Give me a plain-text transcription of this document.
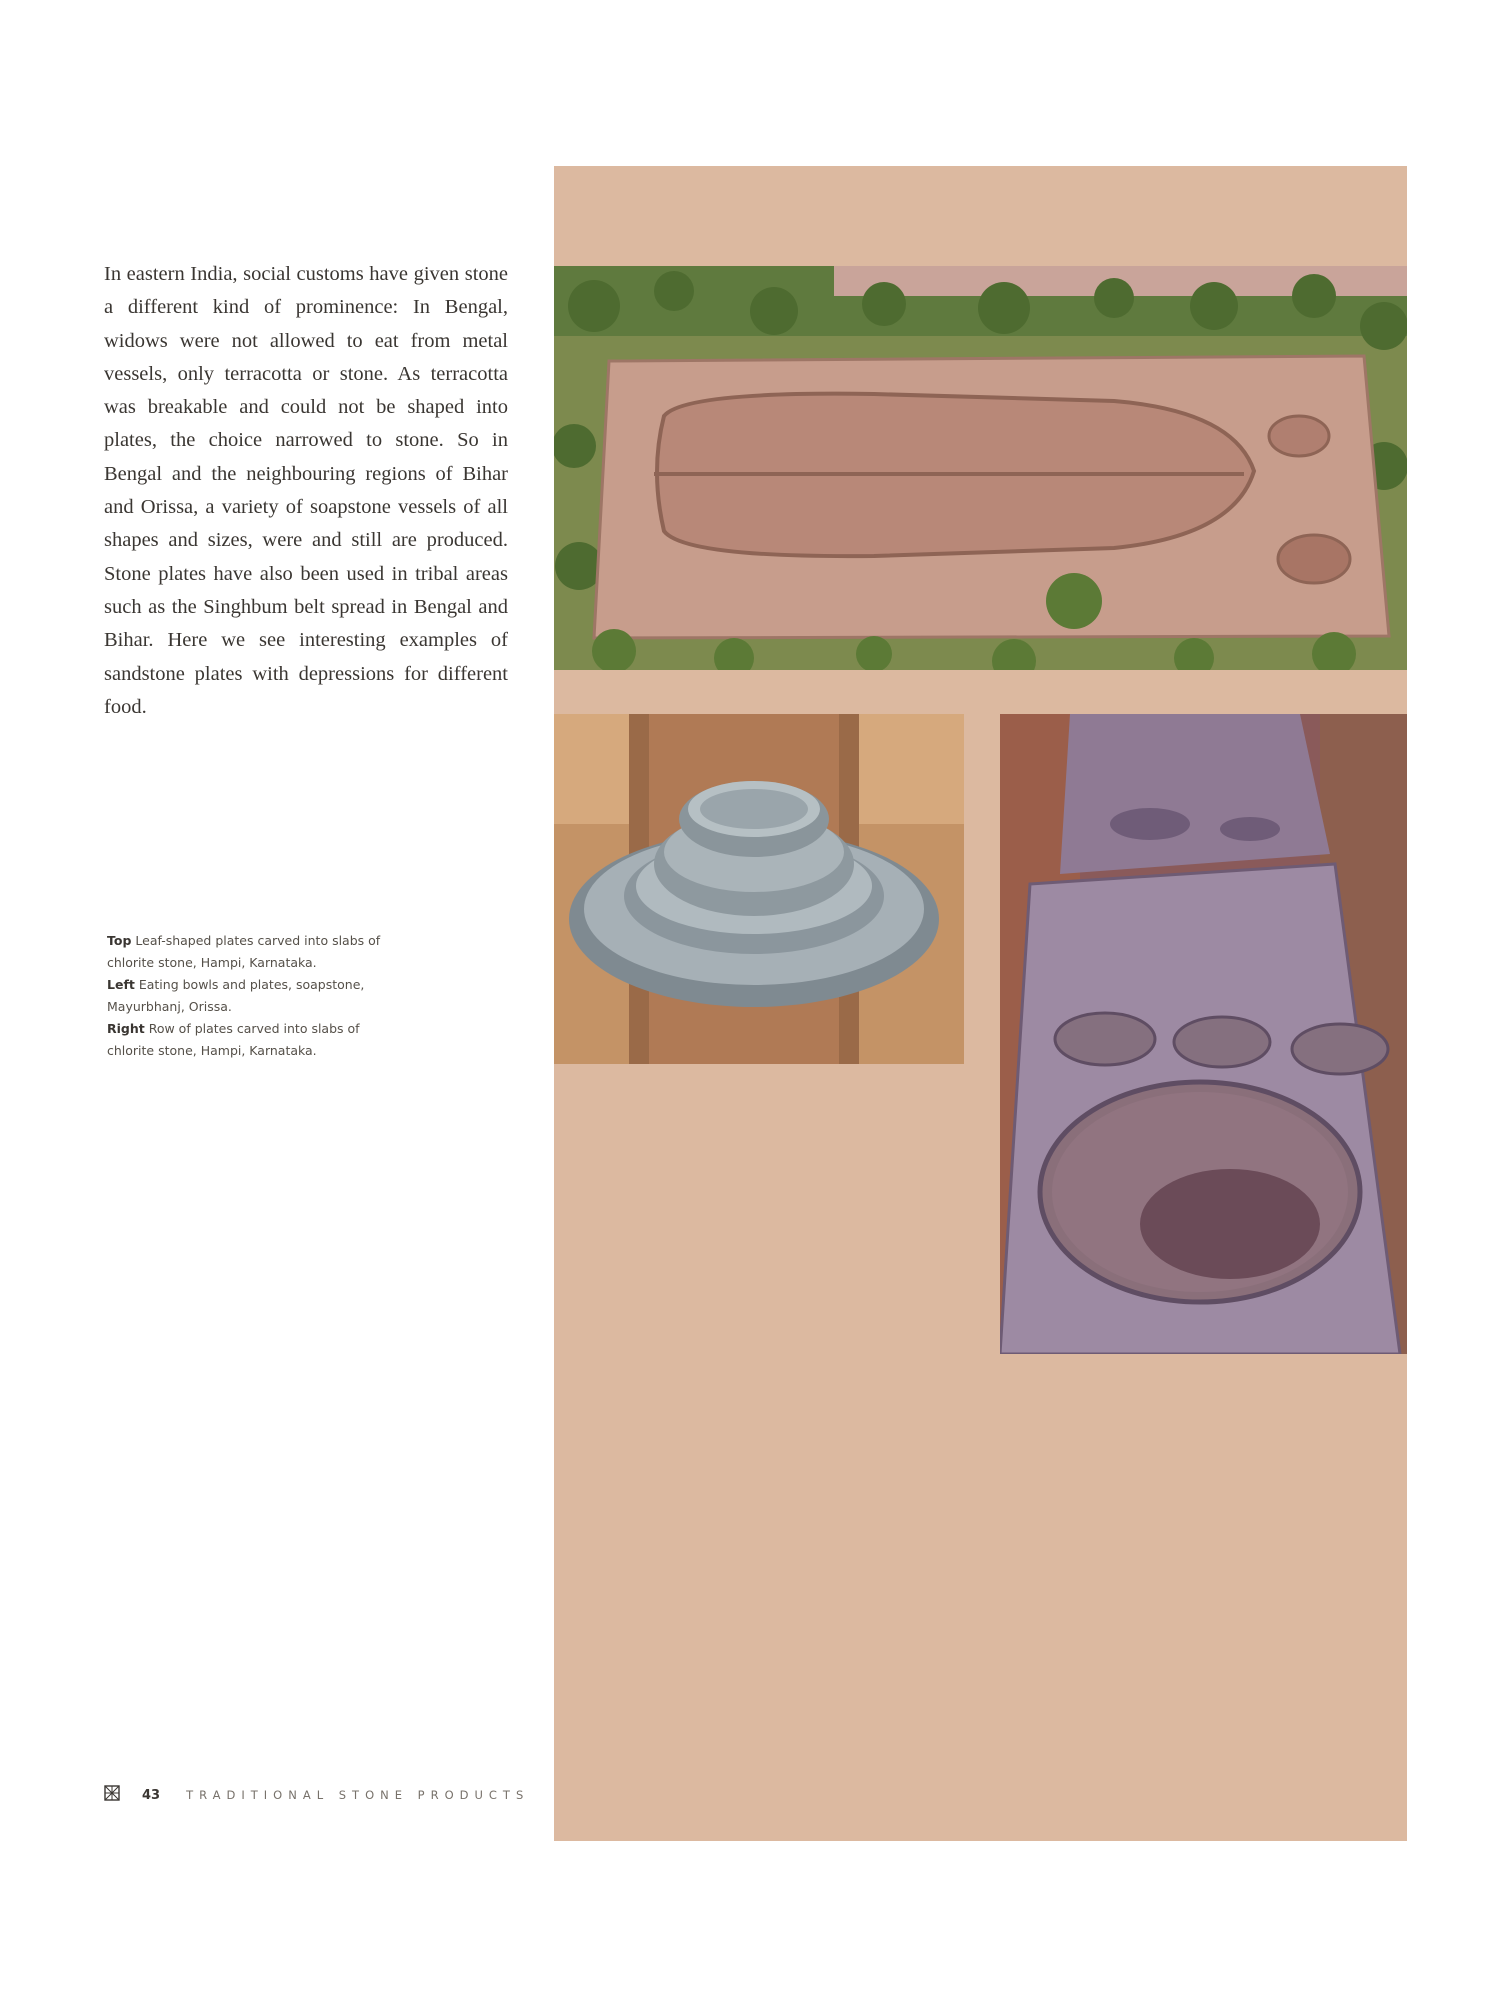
In eastern India, social customs have given stone a different kind of prominence: In Bengal, widows were not allowed to eat from metal vessels, only terracotta or stone. As terracotta was breakable and could not be shaped into plates, the choice narrowed to stone. So in Bengal and the neighbouring regions of Bihar and Orissa, a variety of soapstone vessels of all shapes and sizes, were and still are produced. Stone plates have also been used in tribal areas such as the Singhbum belt spread in Bengal and Bihar. Here we see interesting examples of sandstone plates with depressions for different food.

Top Leaf-shaped plates carved into slabs of chlorite stone, Hampi, Karnataka.

Left Eating bowls and plates, soapstone, Mayurbhanj, Orissa.

Right Row of plates carved into slabs of chlorite stone, Hampi, Karnataka.

43 TRADITIONAL STONE PRODUCTS
